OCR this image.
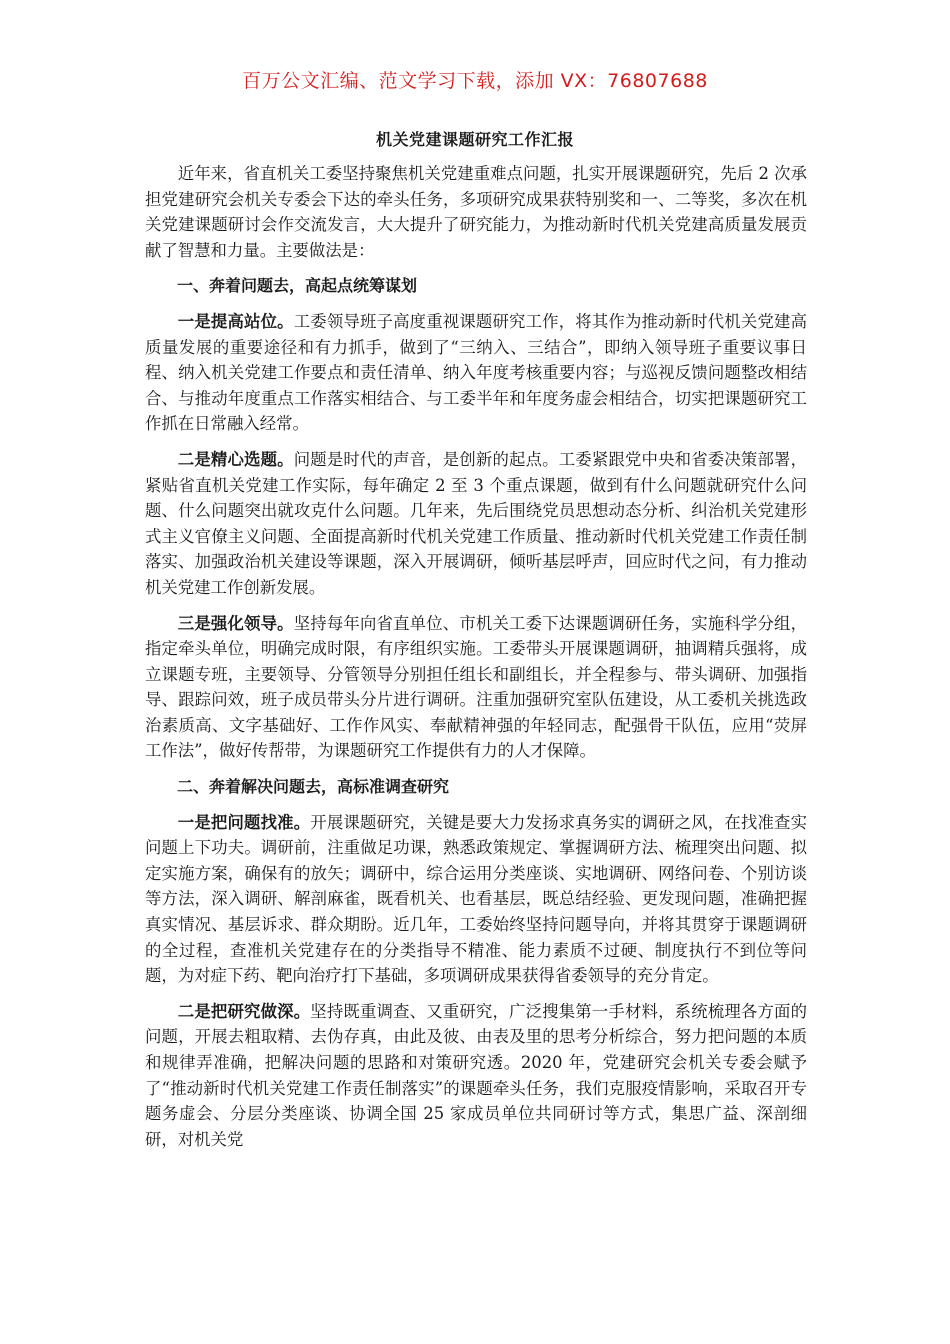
百万公文汇编、范文学习下载，添加 VX：76807688
机关党建课题研究工作汇报

近年来，省直机关工委坚持聚焦机关党建重难点问题，扎实开展课题研究，先后 2 次承担党建研究会机关专委会下达的牵头任务，多项研究成果获特别奖和一、二等奖，多次在机关党建课题研讨会作交流发言，大大提升了研究能力，为推动新时代机关党建高质量发展贡献了智慧和力量。主要做法是：

一、奔着问题去，高起点统筹谋划

一是提高站位。工委领导班子高度重视课题研究工作，将其作为推动新时代机关党建高质量发展的重要途径和有力抓手，做到了“三纳入、三结合”，即纳入领导班子重要议事日程、纳入机关党建工作要点和责任清单、纳入年度考核重要内容；与巡视反馈问题整改相结合、与推动年度重点工作落实相结合、与工委半年和年度务虚会相结合，切实把课题研究工作抓在日常融入经常。

二是精心选题。问题是时代的声音，是创新的起点。工委紧跟党中央和省委决策部署，紧贴省直机关党建工作实际，每年确定 2 至 3 个重点课题，做到有什么问题就研究什么问题、什么问题突出就攻克什么问题。几年来，先后围绕党员思想动态分析、纠治机关党建形式主义官僚主义问题、全面提高新时代机关党建工作质量、推动新时代机关党建工作责任制落实、加强政治机关建设等课题，深入开展调研，倾听基层呼声，回应时代之问，有力推动机关党建工作创新发展。

三是强化领导。坚持每年向省直单位、市机关工委下达课题调研任务，实施科学分组，指定牵头单位，明确完成时限，有序组织实施。工委带头开展课题调研，抽调精兵强将，成立课题专班，主要领导、分管领导分别担任组长和副组长，并全程参与、带头调研、加强指导、跟踪问效，班子成员带头分片进行调研。注重加强研究室队伍建设，从工委机关挑选政治素质高、文字基础好、工作作风实、奉献精神强的年轻同志，配强骨干队伍，应用“荧屏工作法”，做好传帮带，为课题研究工作提供有力的人才保障。

二、奔着解决问题去，高标准调查研究

一是把问题找准。开展课题研究，关键是要大力发扬求真务实的调研之风，在找准查实问题上下功夫。调研前，注重做足功课，熟悉政策规定、掌握调研方法、梳理突出问题、拟定实施方案，确保有的放矢；调研中，综合运用分类座谈、实地调研、网络问卷、个别访谈等方法，深入调研、解剖麻雀，既看机关、也看基层，既总结经验、更发现问题，准确把握真实情况、基层诉求、群众期盼。近几年，工委始终坚持问题导向，并将其贯穿于课题调研的全过程，查准机关党建存在的分类指导不精准、能力素质不过硬、制度执行不到位等问题，为对症下药、靶向治疗打下基础，多项调研成果获得省委领导的充分肯定。

二是把研究做深。坚持既重调查、又重研究，广泛搜集第一手材料，系统梳理各方面的问题，开展去粗取精、去伪存真，由此及彼、由表及里的思考分析综合，努力把问题的本质和规律弄准确，把解决问题的思路和对策研究透。2020 年，党建研究会机关专委会赋予了“推动新时代机关党建工作责任制落实”的课题牵头任务，我们克服疫情影响，采取召开专题务虚会、分层分类座谈、协调全国 25 家成员单位共同研讨等方式，集思广益、深剖细研，对机关党
